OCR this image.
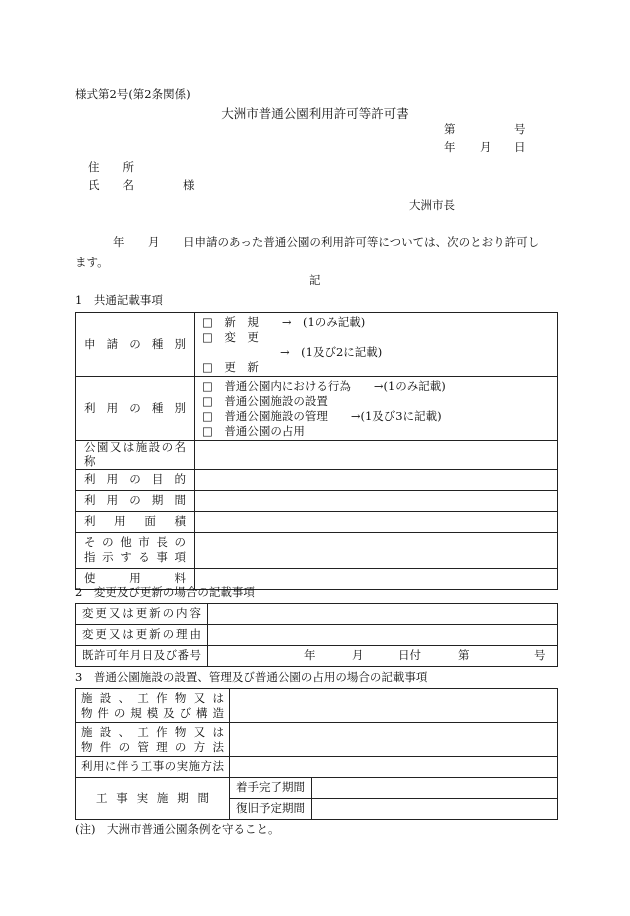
様式第2号(第2条関係)
大洲市普通公園利用許可等許可書
第	号
年 月 日
住　　所
氏　　名	様
大洲市長
年 月 日申請のあった普通公園の利用許可等については、次のとおり許可し
ます。
記
1　共通記載事項
申請の種別	□　新　規　　→　(1のみ記載)
□　変　更
→　(1及び2に記載)
□　更　新

利用の種別	□　普通公園内における行為　　→(1のみ記載)
□　普通公園施設の設置
□　普通公園施設の管理　　→(1及び3に記載)
□　普通公園の占用

公園又は施設の名称	
利用の目的	
利用の期間	
利用面積	

その他市長の
指示する事項	

使用料	
2　変更及び更新の場合の記載事項
変更又は更新の内容	
変更又は更新の理由	
既許可年月日及び番号	年 月 日付 第 号
3　普通公園施設の設置、管理及び普通公園の占用の場合の記載事項
施設、工作物又は
物件の規模及び構造		

施設、工作物又は
物件の管理の方法		

利用に伴う工事の実施方法		
工事実施期間	着手完了期間	
	復旧予定期間	
(注)　大洲市普通公園条例を守ること。
